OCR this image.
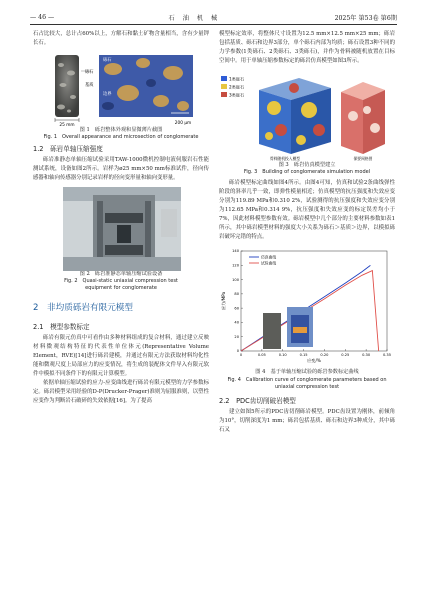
— 46 —	石 油 机 械	2025年 第53卷 第6期

石占比较大，总计占60%以上，方解石和黏土矿物含量相当，含有少量钾长石。

25 mm
砾石
基质
砾石
边界
200 μm
图 1　砾岩整体外观和显微薄片截图
Fig. 1　Overall appearance and microsection of conglomerate
1.2　砾岩单轴压缩强度

砾岩准静态单轴压缩试验采用TAW-1000微机控制电液伺服岩石性能测试系统，设备如图2所示。岩样为ø25 mm×50 mm标准试件，径向传感器和轴向传感器分别记录岩样的径向变形量和轴向变形量。

图 2　砾岩准静态单轴压缩试验设备
Fig. 2　Quasi-static uniaxial compression test
equipment for conglomerate
2　非均质砾岩有限元模型
2.1　模型参数标定

砾岩有限元仿真中可看作由多种材料组成的复合材料，通过建立反映材料微观结构特征的代表性单位体元(Representative Volume Element，RVE)[14]进行砾岩建模，并通过有限元方法获取材料均化性能和微观尺度上局部应力的应变情况，将生成的装配体文件导入有限元软件中模拟不同条件下的有限元计算模型。

依据单轴压缩试验的应力-应变曲线进行砾岩有限元模型的力学参数标定。砾岩模型采用经验的D-P(Drucker-Prager)准则为屈服准则，以塑性应变作为判断岩石破碎的失效依据[16]。为了提高

模型标定效率，将整体尺寸设置为12.5 mm×12.5 mm×25 mm；砾岩包括基质、砾石和边界3部分，单个砾石内部为均质；砾石设置3种不同的力学参数(1类砾石、2类砾石、3类砾石)，并作为骨料被随机放置在目标空间中。用于单轴压缩参数标定的砾岩仿真模型如图3所示。

1类砾石
2类砾石
3类砾石
骨料随机投入模型	保要网格图
图 3　砾岩仿真模型建立
Fig. 3　Building of conglomerate simulation model

砾岩模型标定曲线如图4所示。由图4可知，仿真和试验2条曲线弹性阶段的斜率几乎一致，即弹性模量相近；仿真模型的抗压强度和失效应变分别为119.89 MPa和0.310 2%，试验测得的抗压强度和失效应变分别为112.65 MPa和0.314 9%，抗压强度和失效应变的标定误差均小于7%，因此材料模型参数有效。砾岩模型中几个部分的主要材料参数如表1所示，其中砾岩模型材料的强度大小关系为砾石＞基质＞边界，以模拟砾岩破坏完错的特点。

0	0.05	0.10	0.15	0.20	0.25	0.30	0.35
0
20
40
60
80
100
120
140
应变/%
应力/MPa
仿真曲线
试验曲线
图 4　基于单轴压缩试验的砾岩参数标定曲线
Fig. 4　Calibration curve of conglomerate parameters based on
uniaxial compression test
2.2　PDC齿切削破岩模型

建立如图5所示的PDC齿切削砾岩模型。PDC齿设置为刚体，前倾角为10°，切削深度为1 mm；砾岩包括基质、砾石和边界3种成分，其中砾石又
